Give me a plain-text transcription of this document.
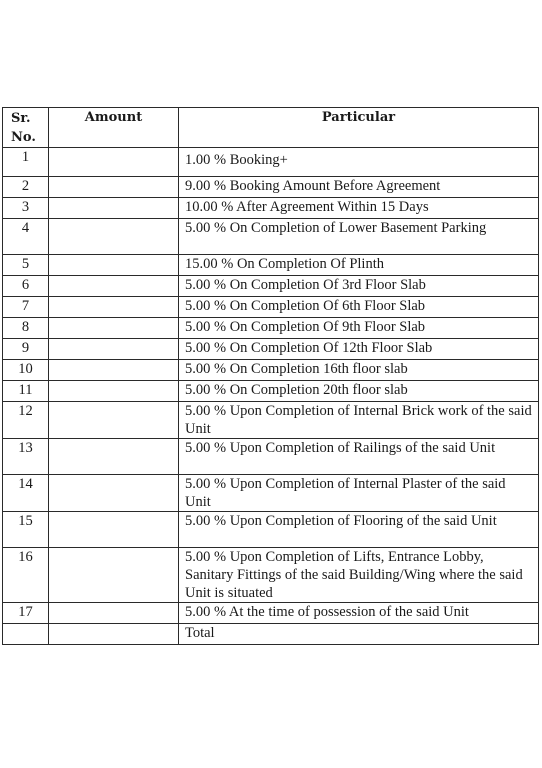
Sr.
No.	Amount	Particular
1		1.00 % Booking+
2		9.00 % Booking Amount Before Agreement
3		10.00 % After Agreement Within 15 Days
4		5.00 % On Completion of Lower Basement Parking
5		15.00 % On Completion Of Plinth
6		5.00 % On Completion Of 3rd Floor Slab
7		5.00 % On Completion Of 6th Floor Slab
8		5.00 % On Completion Of 9th Floor Slab
9		5.00 % On Completion Of 12th Floor Slab
10		5.00 % On Completion 16th floor slab
11		5.00 % On Completion 20th floor slab
12		5.00 % Upon Completion of Internal Brick work of the said Unit
13		5.00 % Upon Completion of Railings of the said Unit
14		5.00 % Upon Completion of Internal Plaster of the said Unit
15		5.00 % Upon Completion of Flooring of the said Unit
16		5.00 % Upon Completion of Lifts, Entrance Lobby, Sanitary Fittings of the said Building/Wing where the said Unit is situated
17		5.00 % At the time of possession of the said Unit
		Total
